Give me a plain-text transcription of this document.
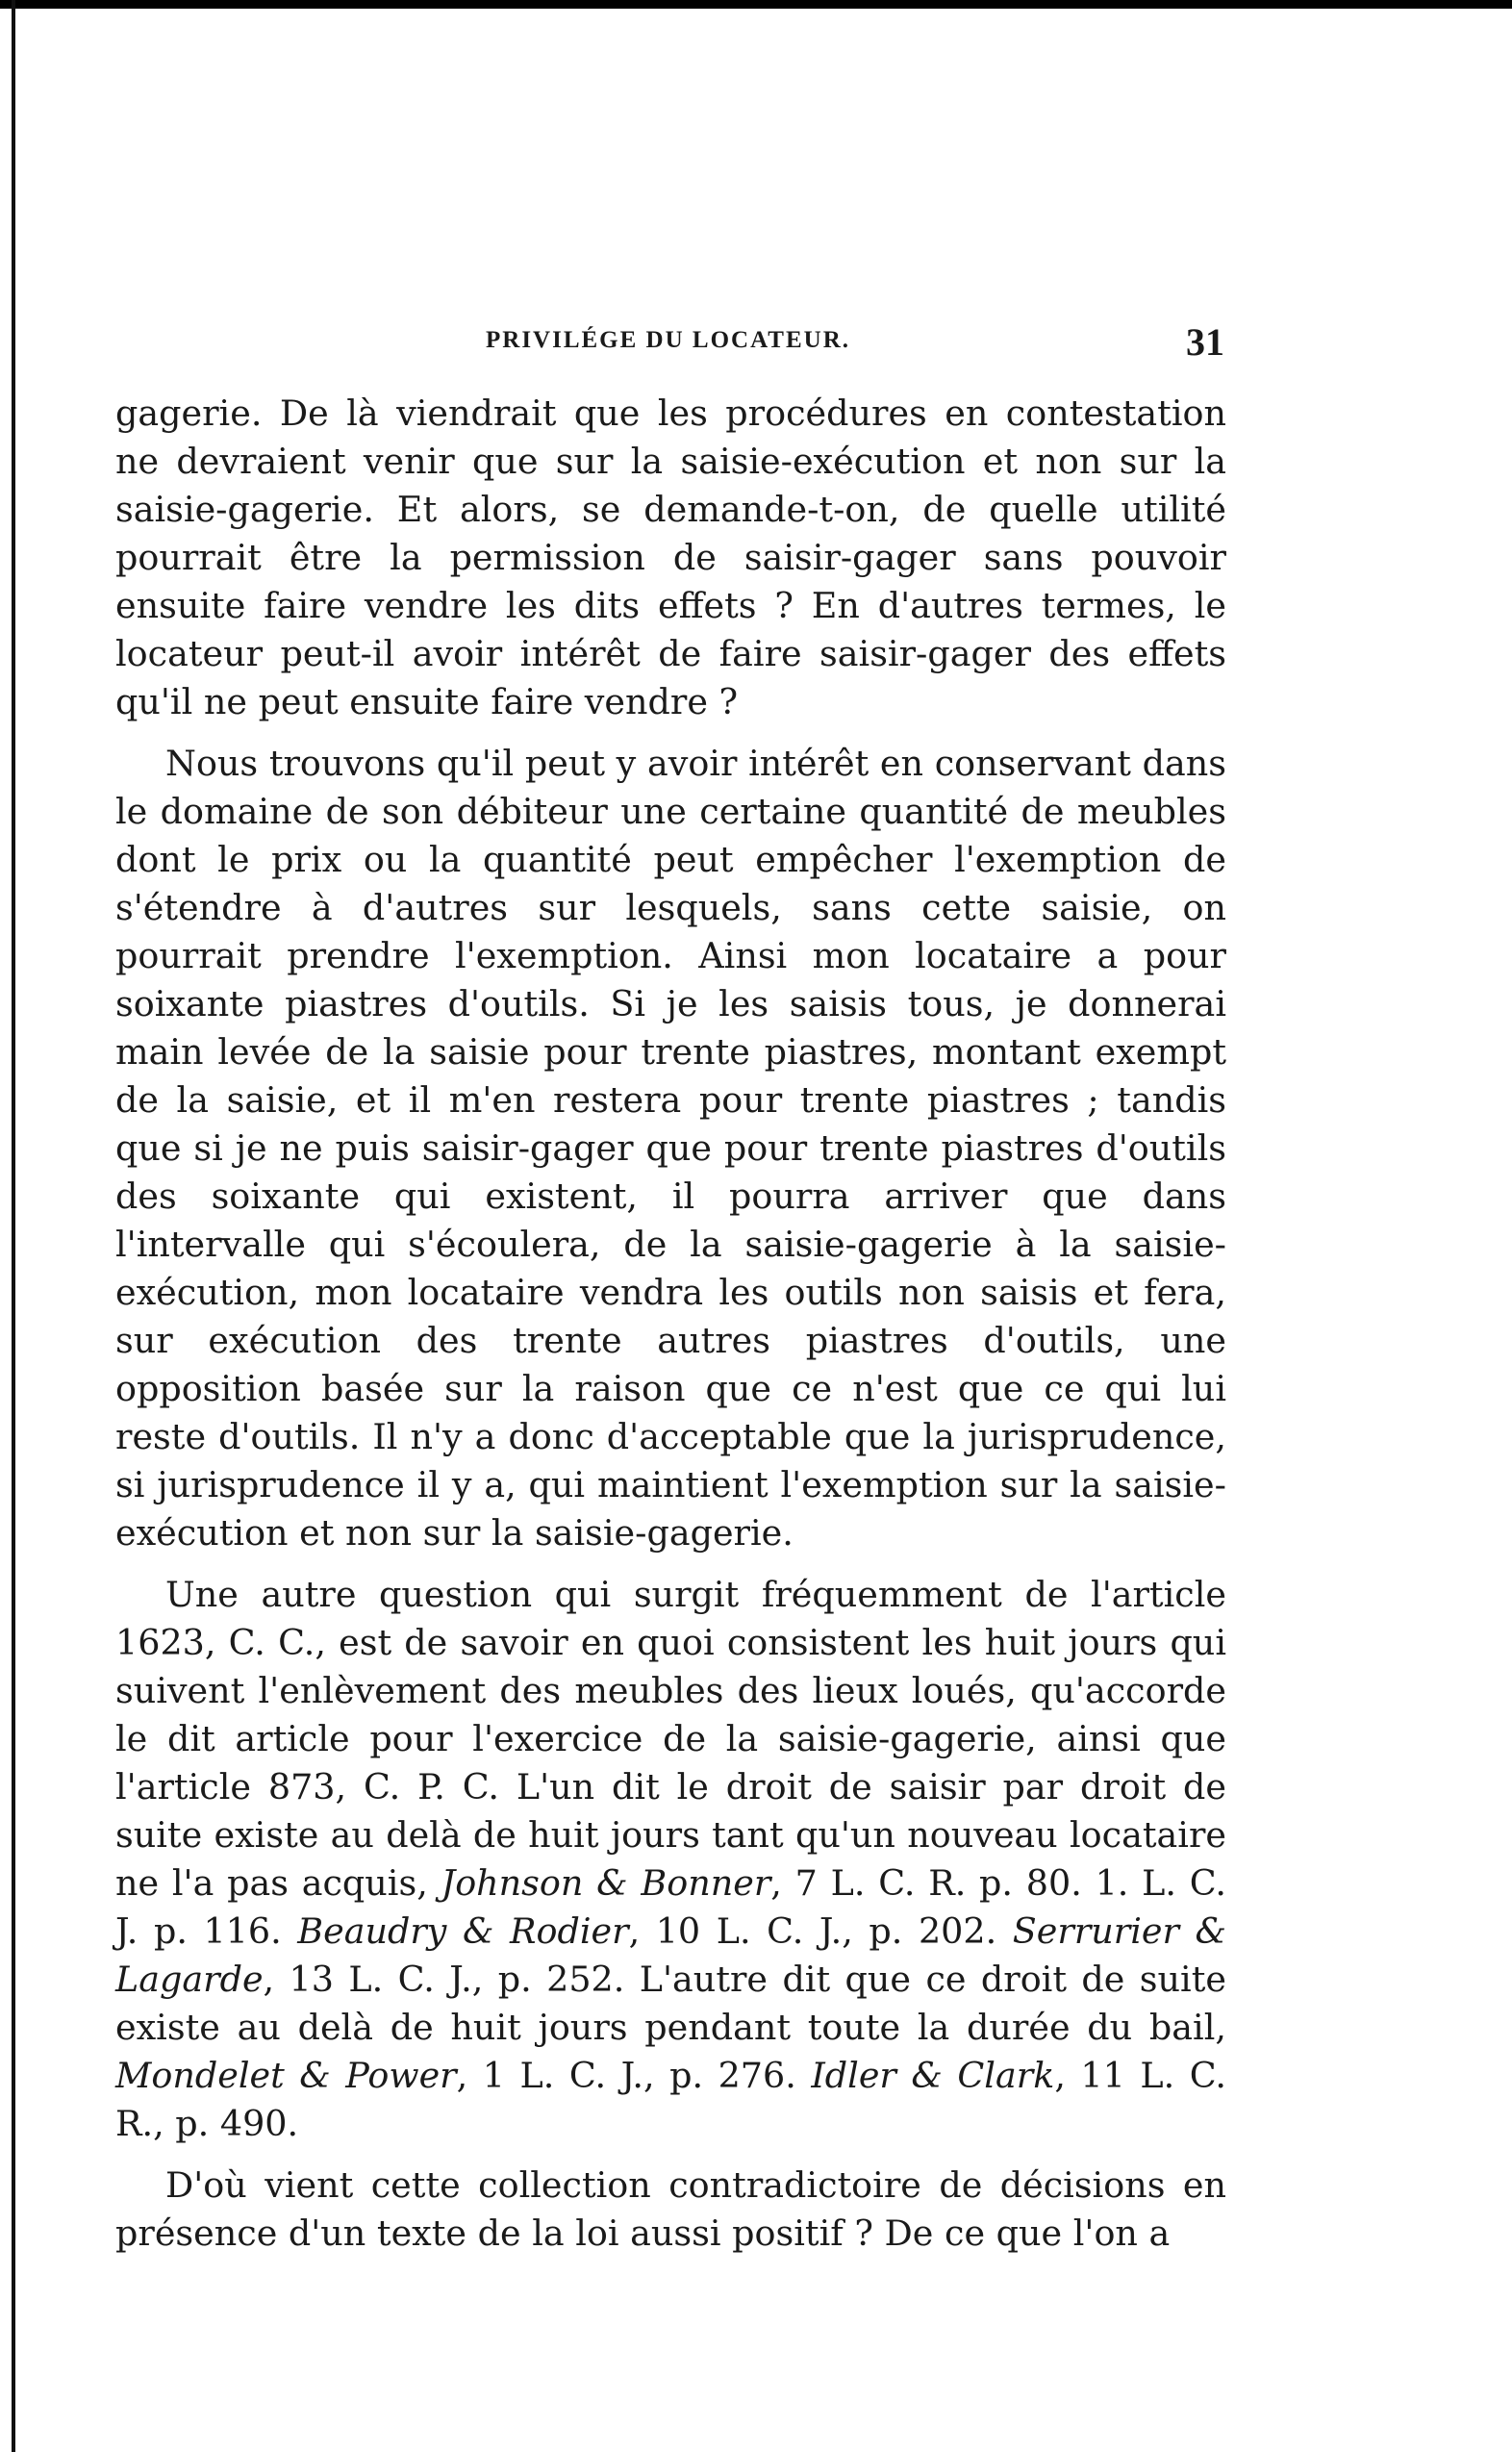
PRIVILÉGE DU LOCATEUR.	31

gagerie. De là viendrait que les procédures en contestation ne devraient venir que sur la saisie-exécution et non sur la saisie-gagerie. Et alors, se demande-t-on, de quelle utilité pourrait être la permission de saisir-gager sans pouvoir ensuite faire vendre les dits effets ? En d'autres termes, le locateur peut-il avoir intérêt de faire saisir-gager des effets qu'il ne peut ensuite faire vendre ?

Nous trouvons qu'il peut y avoir intérêt en conservant dans le domaine de son débiteur une certaine quantité de meubles dont le prix ou la quantité peut empêcher l'exemption de s'étendre à d'autres sur lesquels, sans cette saisie, on pourrait prendre l'exemption. Ainsi mon locataire a pour soixante piastres d'outils. Si je les saisis tous, je donnerai main levée de la saisie pour trente piastres, montant exempt de la saisie, et il m'en restera pour trente piastres ; tandis que si je ne puis saisir-gager que pour trente piastres d'outils des soixante qui existent, il pourra arriver que dans l'intervalle qui s'écoulera, de la saisie-gagerie à la saisie-exécution, mon locataire vendra les outils non saisis et fera, sur exécution des trente autres piastres d'outils, une opposition basée sur la raison que ce n'est que ce qui lui reste d'outils. Il n'y a donc d'acceptable que la jurisprudence, si jurisprudence il y a, qui maintient l'exemption sur la saisie-exécution et non sur la saisie-gagerie.

Une autre question qui surgit fréquemment de l'article 1623, C. C., est de savoir en quoi consistent les huit jours qui suivent l'enlèvement des meubles des lieux loués, qu'accorde le dit article pour l'exercice de la saisie-gagerie, ainsi que l'article 873, C. P. C. L'un dit le droit de saisir par droit de suite existe au delà de huit jours tant qu'un nouveau locataire ne l'a pas acquis, Johnson & Bonner, 7 L. C. R. p. 80. 1. L. C. J. p. 116. Beaudry & Rodier, 10 L. C. J., p. 202. Serrurier & Lagarde, 13 L. C. J., p. 252. L'autre dit que ce droit de suite existe au delà de huit jours pendant toute la durée du bail, Mondelet & Power, 1 L. C. J., p. 276. Idler & Clark, 11 L. C. R., p. 490.

D'où vient cette collection contradictoire de décisions en présence d'un texte de la loi aussi positif ? De ce que l'on a
